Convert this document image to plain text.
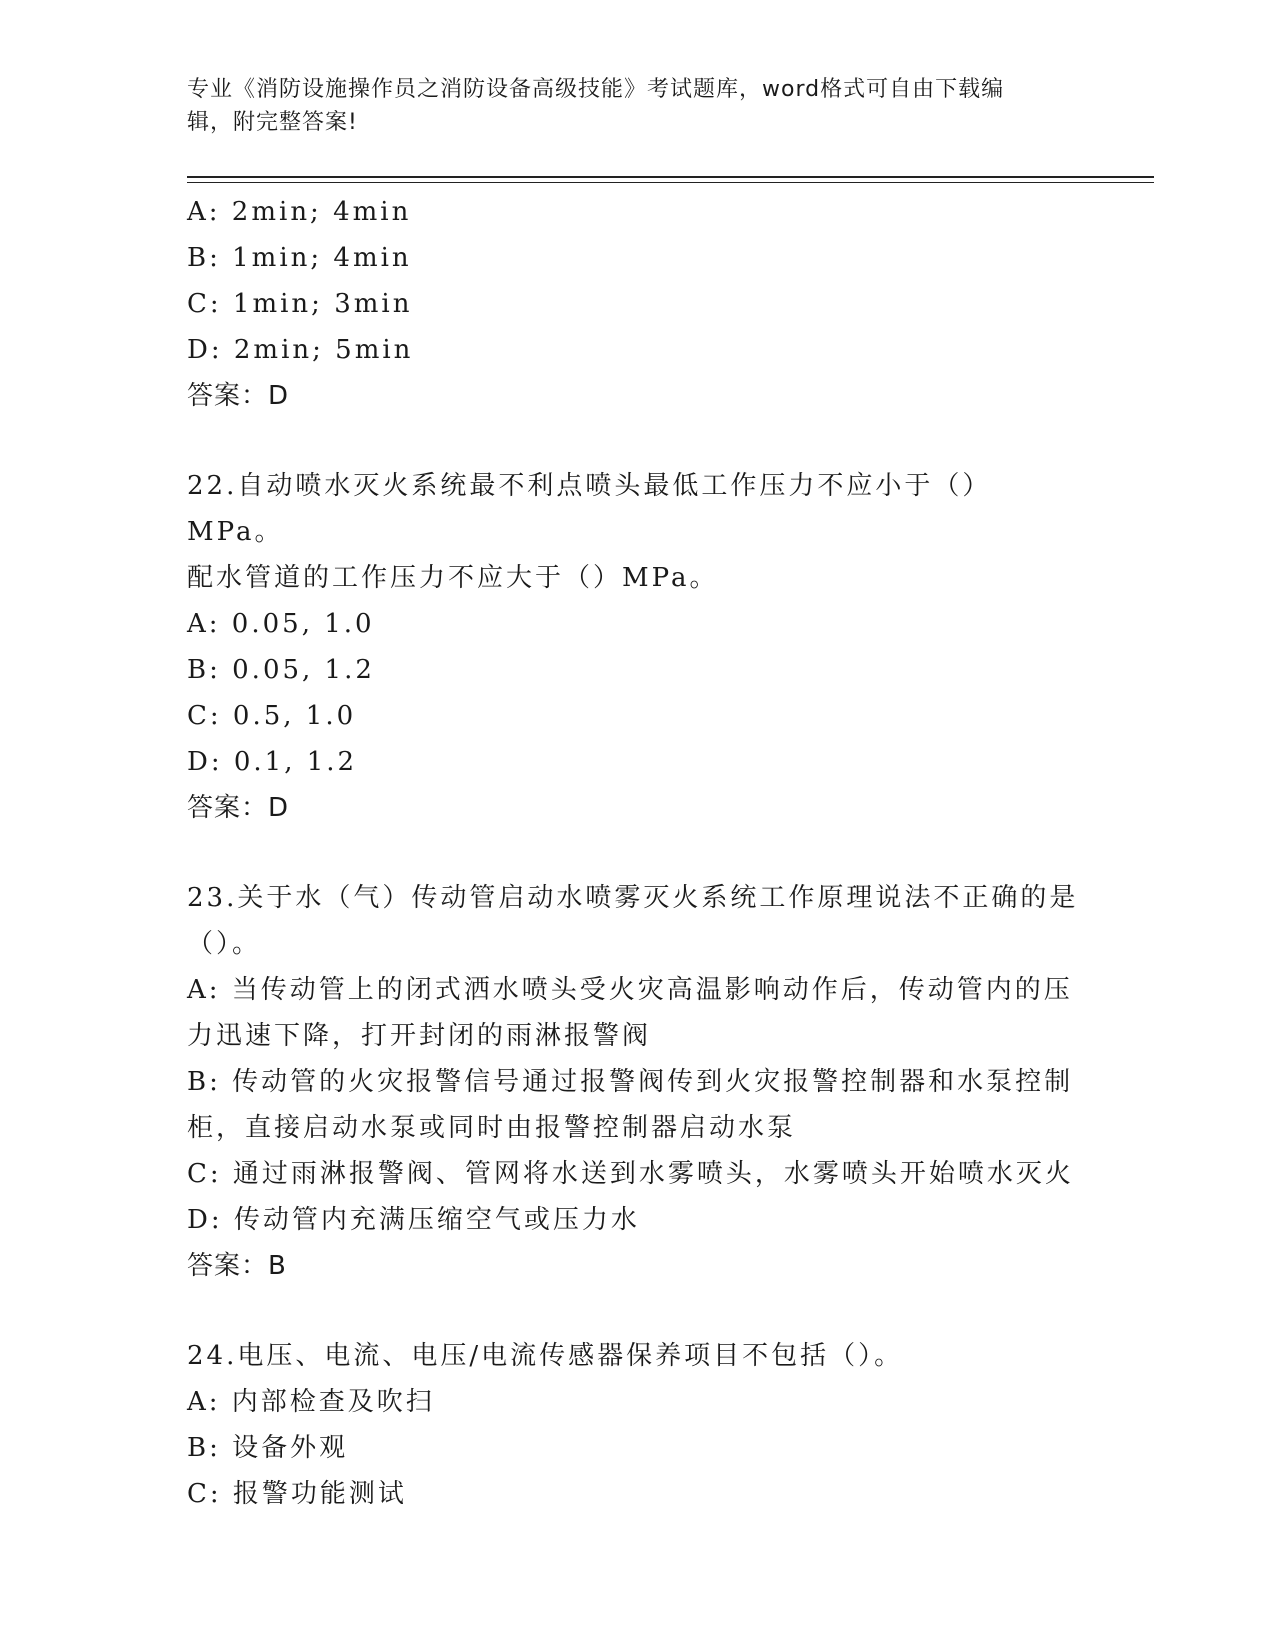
专业《消防设施操作员之消防设备高级技能》考试题库，word格式可自由下载编
辑，附完整答案!
A: 2min; 4min
B: 1min; 4min
C: 1min; 3min
D: 2min; 5min
答案：D
22.自动喷水灭火系统最不利点喷头最低工作压力不应小于（）MPa。
配水管道的工作压力不应大于（）MPa。
A: 0.05, 1.0
B: 0.05, 1.2
C: 0.5, 1.0
D: 0.1, 1.2
答案：D
23.关于水（气）传动管启动水喷雾灭火系统工作原理说法不正确的是
（）。
A: 当传动管上的闭式洒水喷头受火灾高温影响动作后，传动管内的压
力迅速下降，打开封闭的雨淋报警阀
B: 传动管的火灾报警信号通过报警阀传到火灾报警控制器和水泵控制
柜，直接启动水泵或同时由报警控制器启动水泵
C: 通过雨淋报警阀、管网将水送到水雾喷头，水雾喷头开始喷水灭火
D: 传动管内充满压缩空气或压力水
答案：B
24.电压、电流、电压/电流传感器保养项目不包括（）。
A: 内部检查及吹扫
B: 设备外观
C: 报警功能测试
